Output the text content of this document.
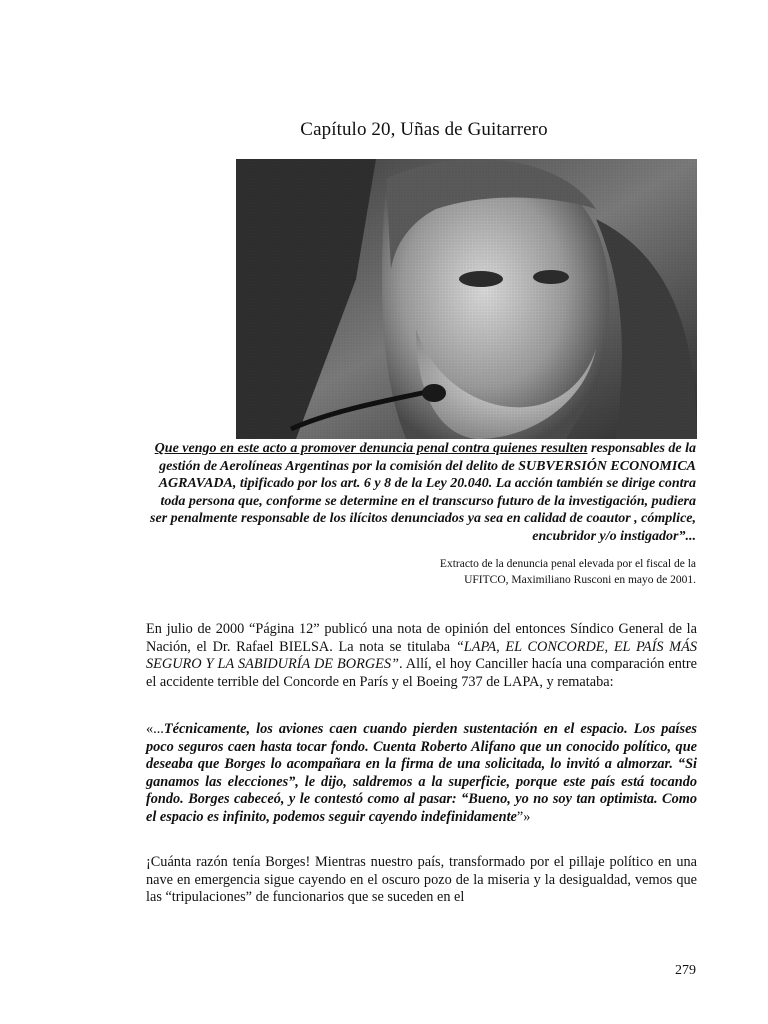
Capítulo 20, Uñas de Guitarrero
Que vengo en este acto a promover denuncia penal contra quienes resulten responsables de la gestión de Aerolíneas Argentinas por la comisión del delito de SUBVERSIÓN ECONOMICA AGRAVADA, tipificado por los art. 6 y 8 de la Ley 20.040. La acción también se dirige contra toda persona que, conforme se determine en el transcurso futuro de la investigación, pudiera ser penalmente responsable de los ilícitos denunciados ya sea en calidad de coautor , cómplice, encubridor y/o instigador”...
Extracto de la denuncia penal elevada por el fiscal de la
UFITCO, Maximiliano Rusconi en mayo de 2001.

En julio de 2000 “Página 12” publicó una nota de opinión del entonces Síndico General de la Nación, el Dr. Rafael BIELSA. La nota se titulaba “LAPA, EL CONCORDE, EL PAÍS MÁS SEGURO Y LA SABIDURÍA DE BORGES”. Allí, el hoy Canciller hacía una comparación entre el accidente terrible del Concorde en París y el Boeing 737 de LAPA, y remataba:

«...Técnicamente, los aviones caen cuando pierden sustentación en el espacio. Los países poco seguros caen hasta tocar fondo. Cuenta Roberto Alifano que un conocido político, que deseaba que Borges lo acompañara en la firma de una solicitada, lo invitó a almorzar. “Si ganamos las elecciones”, le dijo, saldremos a la superficie, porque este país está tocando fondo. Borges cabeceó, y le contestó como al pasar: “Bueno, yo no soy tan optimista. Como el espacio es infinito, podemos seguir cayendo indefinidamente”»

¡Cuánta razón tenía Borges! Mientras nuestro país, transformado por el pillaje político en una nave en emergencia sigue cayendo en el oscuro pozo de la miseria y la desigualdad, vemos que las “tripulaciones” de funcionarios que se suceden en el

279
